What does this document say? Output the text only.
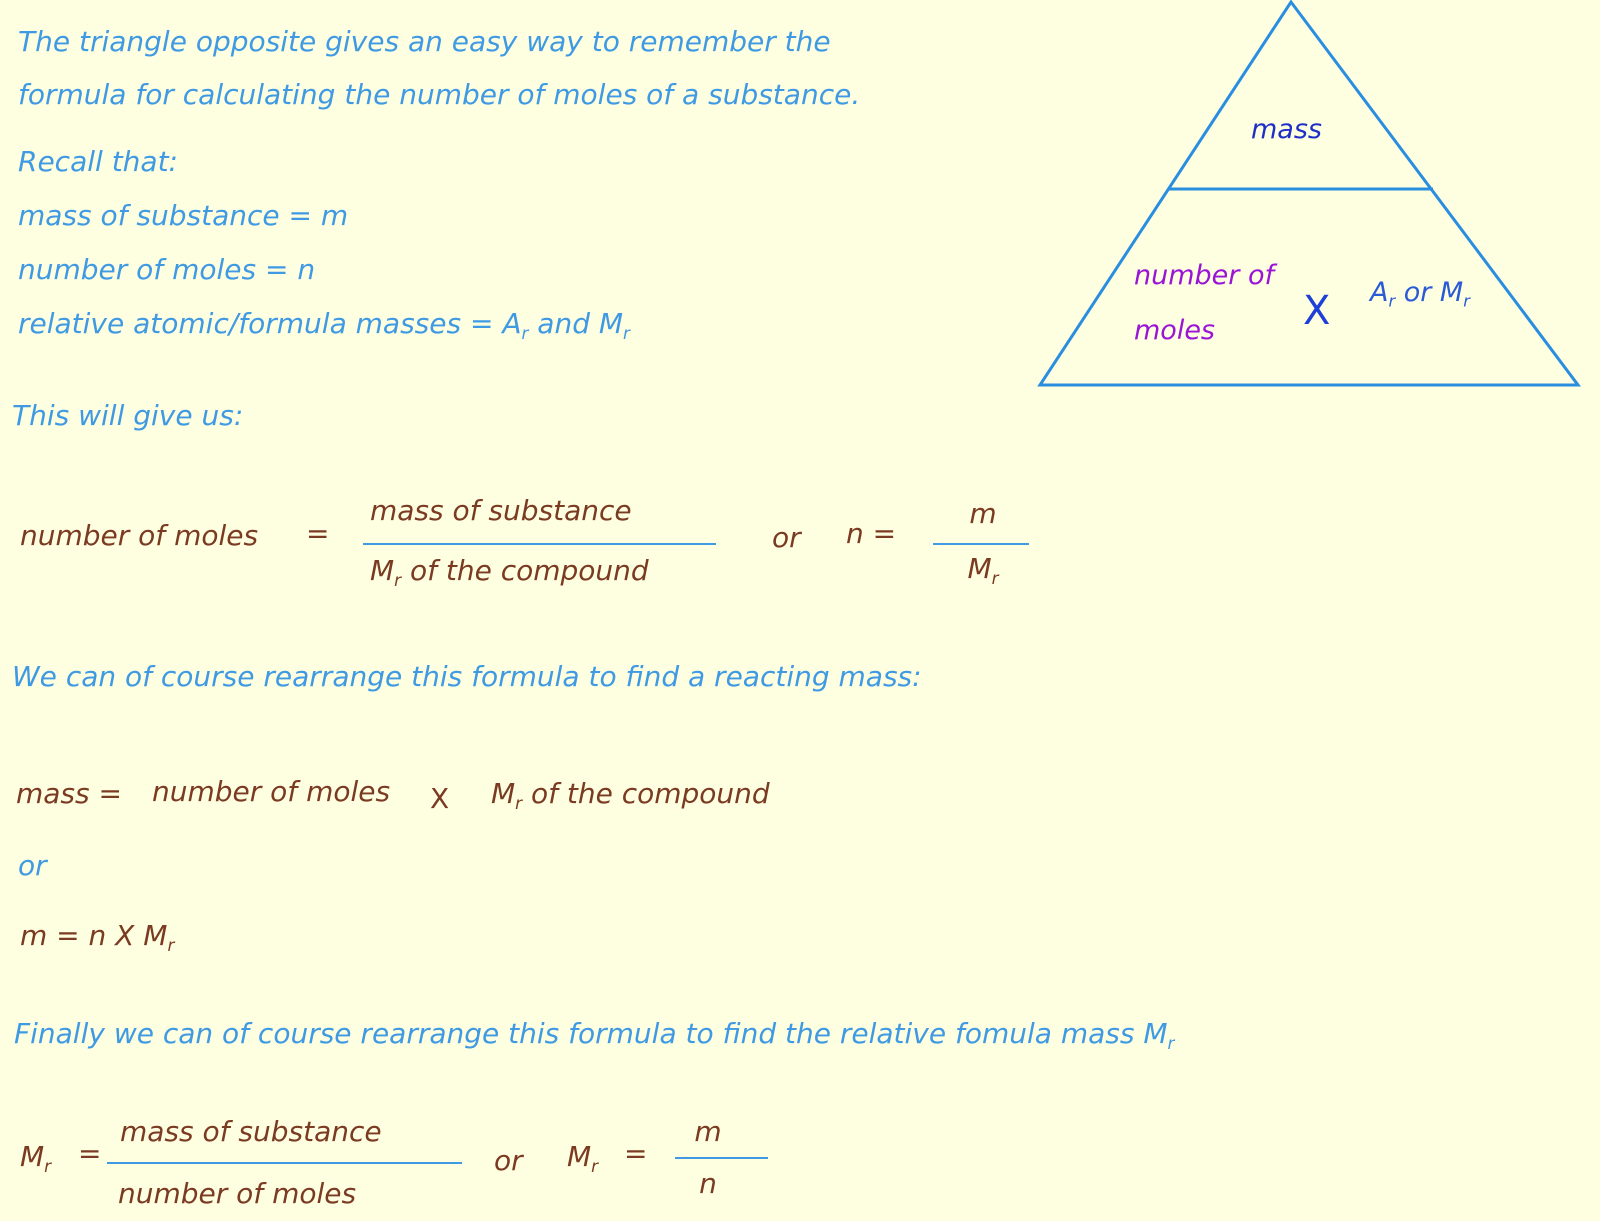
The triangle opposite gives an easy way to remember the
formula for calculating the number of moles of a substance.
Recall that:
mass of substance = m
number of moles = n
relative atomic/formula masses = $A_r$ and $M_r$
mass
number of
moles X $A_r$ or $M_r$
This will give us:
number of moles =
mass of substance
$M_r$ of the compound
or n =
m
$M_r$
We can of course rearrange this formula to find a reacting mass:
mass = number of moles X $M_r$ of the compound
or
m = n X $M_r$
Finally we can of course rearrange this formula to find the relative fomula mass $M_r$
$M_r$ =
mass of substance
number of moles
or $M_r$ =
m
n
